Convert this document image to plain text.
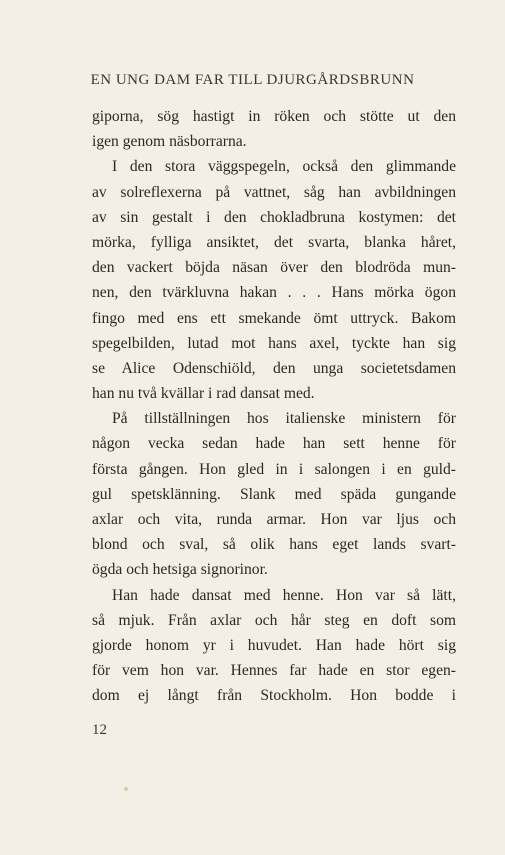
EN UNG DAM FAR TILL DJURGÅRDSBRUNN
giporna, sög hastigt in röken och stötte ut den
igen genom näsborrarna.
I den stora väggspegeln, också den glimmande
av solreflexerna på vattnet, såg han avbildningen
av sin gestalt i den chokladbruna kostymen: det
mörka, fylliga ansiktet, det svarta, blanka håret,
den vackert böjda näsan över den blodröda mun-
nen, den tvärkluvna hakan . . . Hans mörka ögon
fingo med ens ett smekande ömt uttryck. Bakom
spegelbilden, lutad mot hans axel, tyckte han sig
se Alice Odenschiöld, den unga societetsdamen
han nu två kvällar i rad dansat med.
På tillställningen hos italienske ministern för
någon vecka sedan hade han sett henne för
första gången. Hon gled in i salongen i en guld-
gul spetsklänning. Slank med späda gungande
axlar och vita, runda armar. Hon var ljus och
blond och sval, så olik hans eget lands svart-
ögda och hetsiga signorinor.
Han hade dansat med henne. Hon var så lätt,
så mjuk. Från axlar och hår steg en doft som
gjorde honom yr i huvudet. Han hade hört sig
för vem hon var. Hennes far hade en stor egen-
dom ej långt från Stockholm. Hon bodde i
12
